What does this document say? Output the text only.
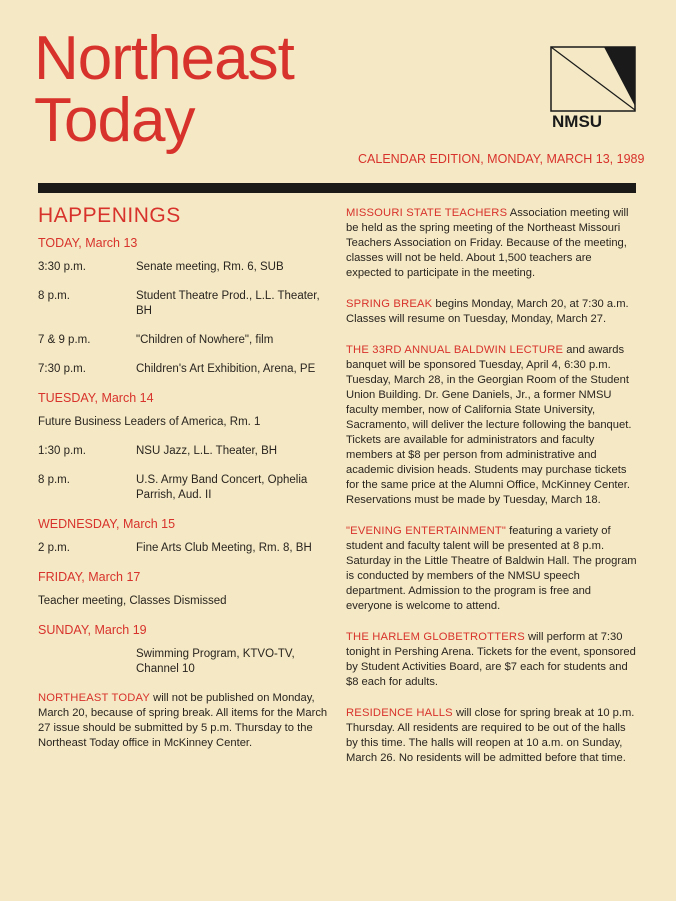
Northeast
Today	NMSU
CALENDAR EDITION, MONDAY, MARCH 13, 1989
HAPPENINGS
TODAY, March 13
3:30 p.m.	Senate meeting, Rm. 6, SUB
8 p.m.	Student Theatre Prod., L.L. Theater, BH
7 & 9 p.m.	"Children of Nowhere", film
7:30 p.m.	Children's Art Exhibition, Arena, PE
TUESDAY, March 14
Future Business Leaders of America, Rm. 1
1:30 p.m.	NSU Jazz, L.L. Theater, BH
8 p.m.	U.S. Army Band Concert, Ophelia Parrish, Aud. II
WEDNESDAY, March 15
2 p.m.	Fine Arts Club Meeting, Rm. 8, BH
FRIDAY, March 17
Teacher meeting, Classes Dismissed
SUNDAY, March 19
Swimming Program, KTVO-TV, Channel 10
NORTHEAST TODAY will not be published on Monday, March 20, because of spring break. All items for the March 27 issue should be submitted by 5 p.m. Thursday to the Northeast Today office in McKinney Center.
MISSOURI STATE TEACHERS Association meeting will be held as the spring meeting of the Northeast Missouri Teachers Association on Friday. Because of the meeting, classes will not be held. About 1,500 teachers are expected to participate in the meeting.
SPRING BREAK begins Monday, March 20, at 7:30 a.m. Classes will resume on Tuesday, Monday, March 27.
THE 33RD ANNUAL BALDWIN LECTURE and awards banquet will be sponsored Tuesday, April 4, 6:30 p.m. Tuesday, March 28, in the Georgian Room of the Student Union Building. Dr. Gene Daniels, Jr., a former NMSU faculty member, now of California State University, Sacramento, will deliver the lecture following the banquet. Tickets are available for administrators and faculty members at $8 per person from administrative and academic division heads. Students may purchase tickets for the same price at the Alumni Office, McKinney Center. Reservations must be made by Tuesday, March 18.
"EVENING ENTERTAINMENT" featuring a variety of student and faculty talent will be presented at 8 p.m. Saturday in the Little Theatre of Baldwin Hall. The program is conducted by members of the NMSU speech department. Admission to the program is free and everyone is welcome to attend.
THE HARLEM GLOBETROTTERS will perform at 7:30 tonight in Pershing Arena. Tickets for the event, sponsored by Student Activities Board, are $7 each for students and $8 each for adults.
RESIDENCE HALLS will close for spring break at 10 p.m. Thursday. All residents are required to be out of the halls by this time. The halls will reopen at 10 a.m. on Sunday, March 26. No residents will be admitted before that time.
